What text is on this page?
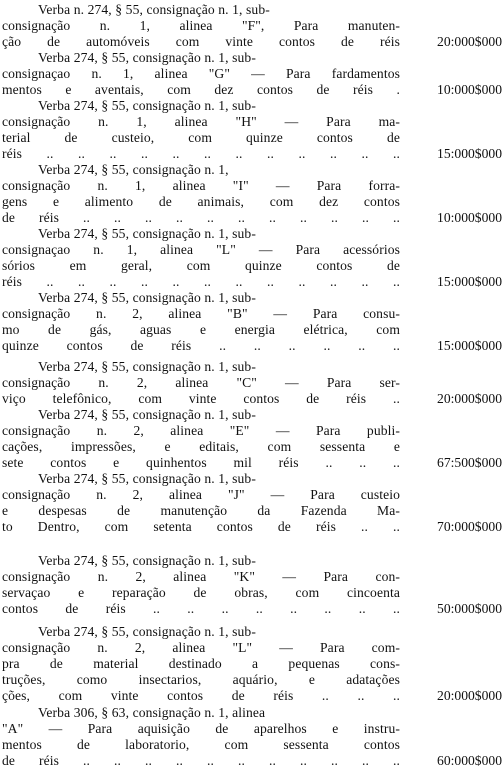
Verba n. 274, § 55, consignação n. 1, sub-
consignação n. 1, alinea "F", Para manuten-
ção de automóveis com vinte contos de réis	20:000$000
Verba 274, § 55, consignação n. 1, sub-
consignaçao n. 1, alinea "G" — Para fardamentos
mentos e aventais, com dez contos de réis .	10:000$000
Verba 274, § 55, consignação n. 1, sub-
consignação n. 1, alinea "H" — Para ma-
terial de custeio, com quinze contos de
réis .. .. .. .. .. .. .. .. .. .. .. ..	15:000$000
Verba 274, § 55, consignação n. 1,
consignação n. 1, alinea "I" — Para forra-
gens e alimento de animais, com dez contos
de réis .. .. .. .. .. .. .. .. .. .. ..	10:000$000
Verba 274, § 55, consignação n. 1, sub-
consignaçao n. 1, alinea "L" — Para acessórios
sórios em geral, com quinze contos de
réis .. .. .. .. .. .. .. .. .. .. .. ..	15:000$000
Verba 274, § 55, consignação n. 1, sub-
consignação n. 2, alinea "B" — Para consu-
mo de gás, aguas e energia elétrica, com
quinze contos de réis .. .. .. .. .. ..	15:000$000
Verba 274, § 55, consignação n. 1, sub-
consignação n. 2, alinea "C" — Para ser-
viço telefônico, com vinte contos de réis ..	20:000$000
Verba 274, § 55, consignação n. 1, sub-
consignação n. 2, alinea "E" — Para publi-
cações, impressões, e editais, com sessenta e
sete contos e quinhentos mil réis .. .. ..	67:500$000
Verba 274, § 55, consignação n. 1, sub-
consignação n. 2, alinea "J" — Para custeio
e despesas de manutenção da Fazenda Ma-
to Dentro, com setenta contos de réis .. ..	70:000$000
Verba 274, § 55, consignação n. 1, sub-
consignação n. 2, alinea "K" — Para con-
servaçao e reparação de obras, com cincoenta
contos de réis .. .. .. .. .. .. .. ..	50:000$000
Verba 274, § 55, consignação n. 1, sub-
consignação n. 2, alinea "L" — Para com-
pra de material destinado a pequenas cons-
truções, como insectarios, aquário, e adatações
ções, com vinte contos de réis .. .. ..	20:000$000
Verba 306, § 63, consignação n. 1, alinea
"A" — Para aquisição de aparelhos e instru-
mentos de laboratorio, com sessenta contos
de réis .. .. .. .. .. .. .. .. .. .. ..	60:000$000
